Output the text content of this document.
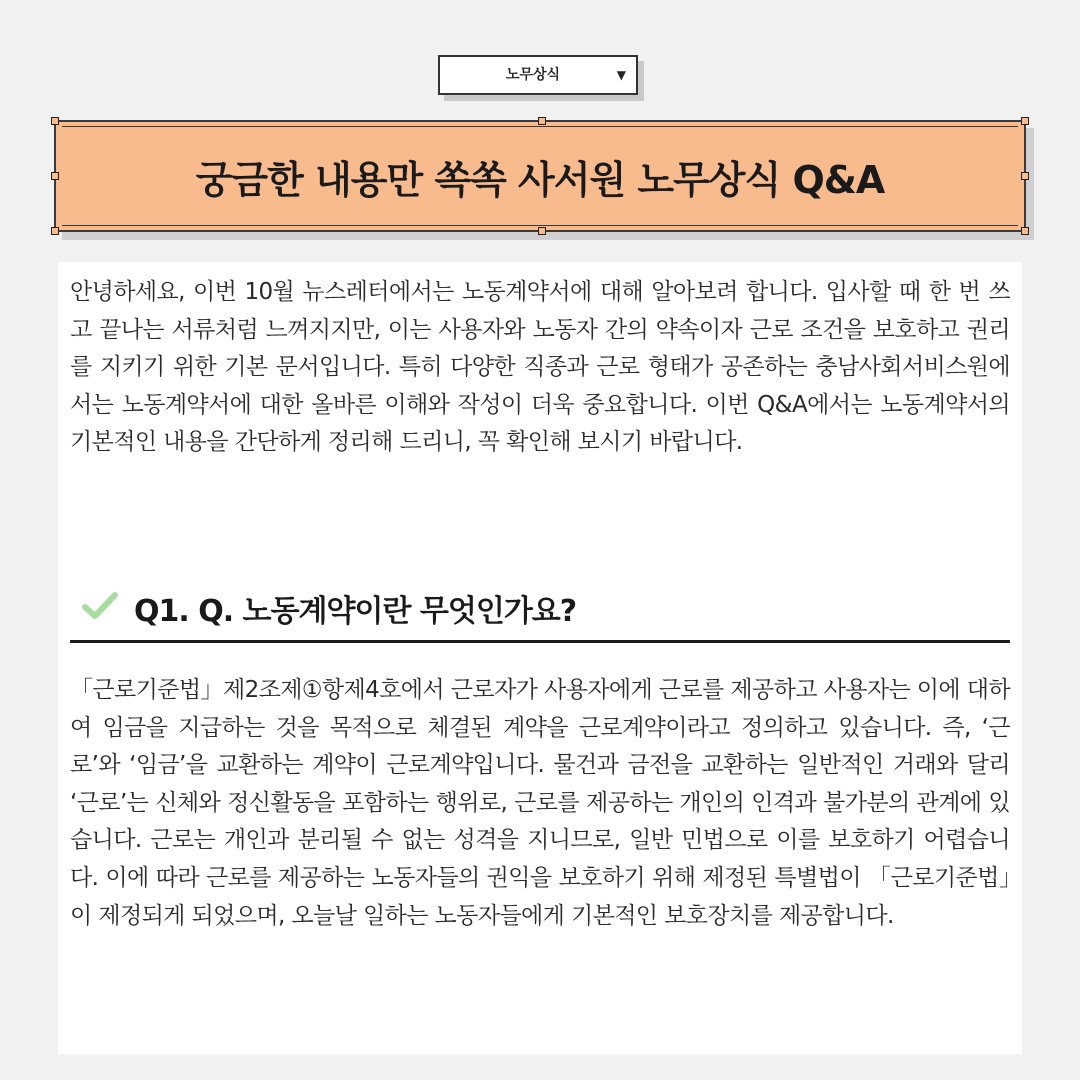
노무상식	▼
궁금한 내용만 쏙쏙 사서원 노무상식 Q&A

안녕하세요, 이번 10월 뉴스레터에서는 노동계약서에 대해 알아보려 합니다. 입사할 때 한 번 쓰고 끝나는 서류처럼 느껴지지만, 이는 사용자와 노동자 간의 약속이자 근로 조건을 보호하고 권리를 지키기 위한 기본 문서입니다. 특히 다양한 직종과 근로 형태가 공존하는 충남사회서비스원에서는 노동계약서에 대한 올바른 이해와 작성이 더욱 중요합니다. 이번 Q&A에서는 노동계약서의 기본적인 내용을 간단하게 정리해 드리니, 꼭 확인해 보시기 바랍니다.

Q1. Q. 노동계약이란 무엇인가요?

「근로기준법」제2조제①항제4호에서 근로자가 사용자에게 근로를 제공하고 사용자는 이에 대하여 임금을 지급하는 것을 목적으로 체결된 계약을 근로계약이라고 정의하고 있습니다. 즉, ‘근로’와 ‘임금’을 교환하는 계약이 근로계약입니다. 물건과 금전을 교환하는 일반적인 거래와 달리 ‘근로’는 신체와 정신활동을 포함하는 행위로, 근로를 제공하는 개인의 인격과 불가분의 관계에 있습니다. 근로는 개인과 분리될 수 없는 성격을 지니므로, 일반 민법으로 이를 보호하기 어렵습니다. 이에 따라 근로를 제공하는 노동자들의 권익을 보호하기 위해 제정된 특별법이 「근로기준법」이 제정되게 되었으며, 오늘날 일하는 노동자들에게 기본적인 보호장치를 제공합니다.
